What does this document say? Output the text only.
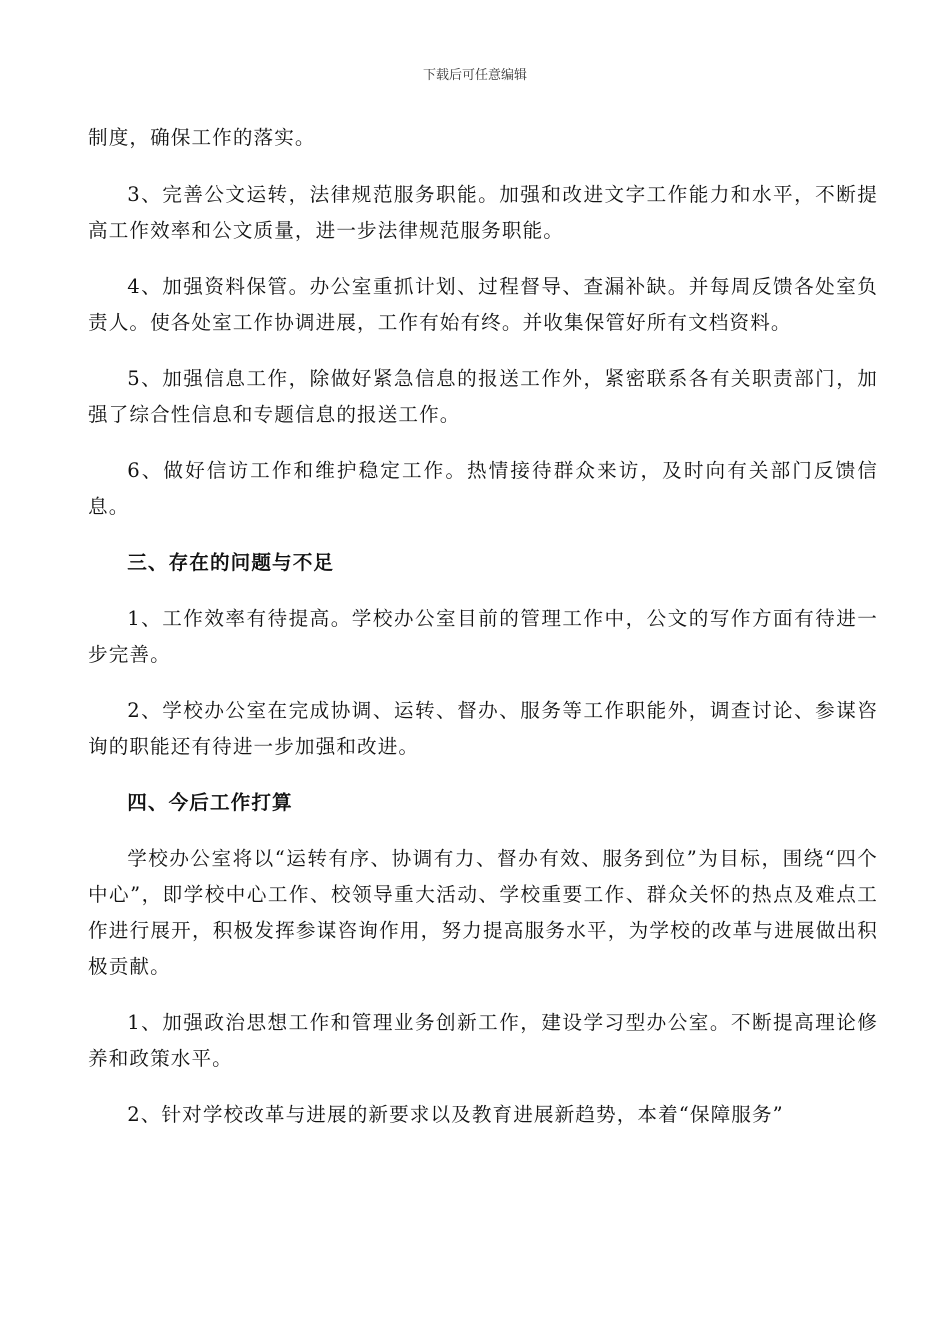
下载后可任意编辑

制度，确保工作的落实。

3、完善公文运转，法律规范服务职能。加强和改进文字工作能力和水平，不断提高工作效率和公文质量，进一步法律规范服务职能。

4、加强资料保管。办公室重抓计划、过程督导、查漏补缺。并每周反馈各处室负责人。使各处室工作协调进展，工作有始有终。并收集保管好所有文档资料。

5、加强信息工作，除做好紧急信息的报送工作外，紧密联系各有关职责部门，加强了综合性信息和专题信息的报送工作。

6、做好信访工作和维护稳定工作。热情接待群众来访，及时向有关部门反馈信息。

三、存在的问题与不足

1、工作效率有待提高。学校办公室目前的管理工作中，公文的写作方面有待进一步完善。

2、学校办公室在完成协调、运转、督办、服务等工作职能外，调查讨论、参谋咨询的职能还有待进一步加强和改进。

四、今后工作打算

学校办公室将以“运转有序、协调有力、督办有效、服务到位”为目标，围绕“四个中心”，即学校中心工作、校领导重大活动、学校重要工作、群众关怀的热点及难点工作进行展开，积极发挥参谋咨询作用，努力提高服务水平，为学校的改革与进展做出积极贡献。

1、加强政治思想工作和管理业务创新工作，建设学习型办公室。不断提高理论修养和政策水平。

2、针对学校改革与进展的新要求以及教育进展新趋势，本着“保障服务”
